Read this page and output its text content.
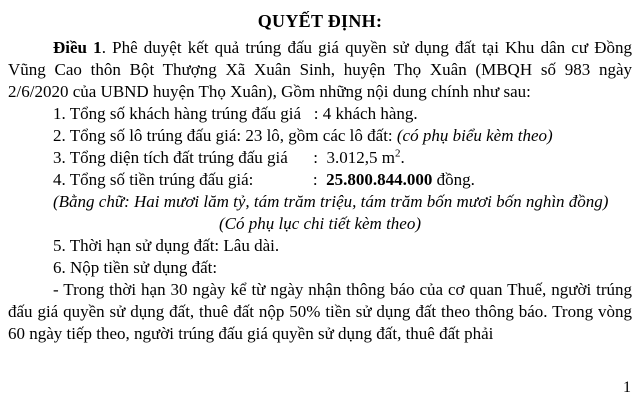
QUYẾT ĐỊNH:

Điều 1. Phê duyệt kết quả trúng đấu giá quyền sử dụng đất tại Khu dân cư Đồng Vũng Cao thôn Bột Thượng Xã Xuân Sinh, huyện Thọ Xuân (MBQH số 983 ngày 2/6/2020 của UBND huyện Thọ Xuân), Gồm những nội dung chính như sau:

1. Tổng số khách hàng trúng đấu giá   : 4 khách hàng.

2. Tổng số lô trúng đấu giá: 23 lô, gồm các lô đất: (có phụ biểu kèm theo)

3. Tổng diện tích đất trúng đấu giá      :  3.012,5 $m^2$.

4. Tổng số tiền trúng đấu giá:              :  25.800.844.000 đồng.

(Bằng chữ: Hai mươi lăm tỷ, tám trăm triệu, tám trăm bốn mươi bốn nghìn đồng)

(Có phụ lục chi tiết kèm theo)

5. Thời hạn sử dụng đất: Lâu dài.

6. Nộp tiền sử dụng đất:

- Trong thời hạn 30 ngày kể từ ngày nhận thông báo của cơ quan Thuế, người trúng đấu giá quyền sử dụng đất, thuê đất nộp 50% tiền sử dụng đất theo thông báo. Trong vòng 60 ngày tiếp theo, người trúng đấu giá quyền sử dụng đất, thuê đất phải

1
